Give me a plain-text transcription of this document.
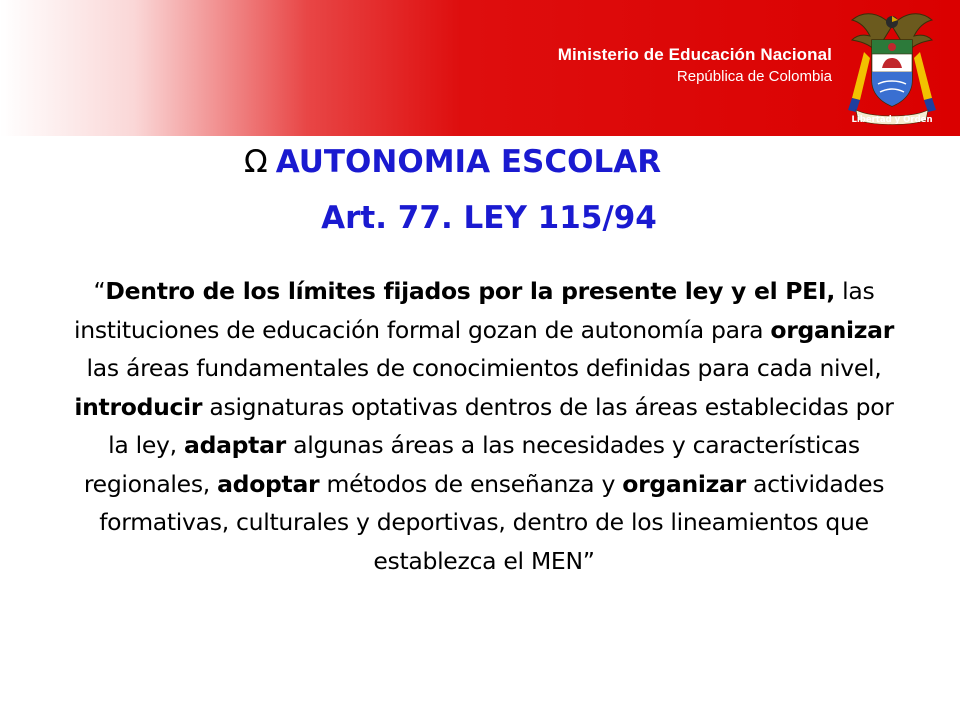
Ministerio de Educación Nacional
República de Colombia
Libertad y Orden
Ω AUTONOMIA ESCOLAR
Art. 77. LEY 115/94
“Dentro de los límites fijados por la presente ley y el PEI, las instituciones de educación formal gozan de autonomía para organizar las áreas fundamentales de conocimientos definidas para cada nivel, introducir asignaturas optativas dentros de las áreas establecidas por la ley, adaptar algunas áreas a las necesidades y características regionales, adoptar métodos de enseñanza y organizar actividades formativas, culturales y deportivas, dentro de los lineamientos que establezca el MEN”
